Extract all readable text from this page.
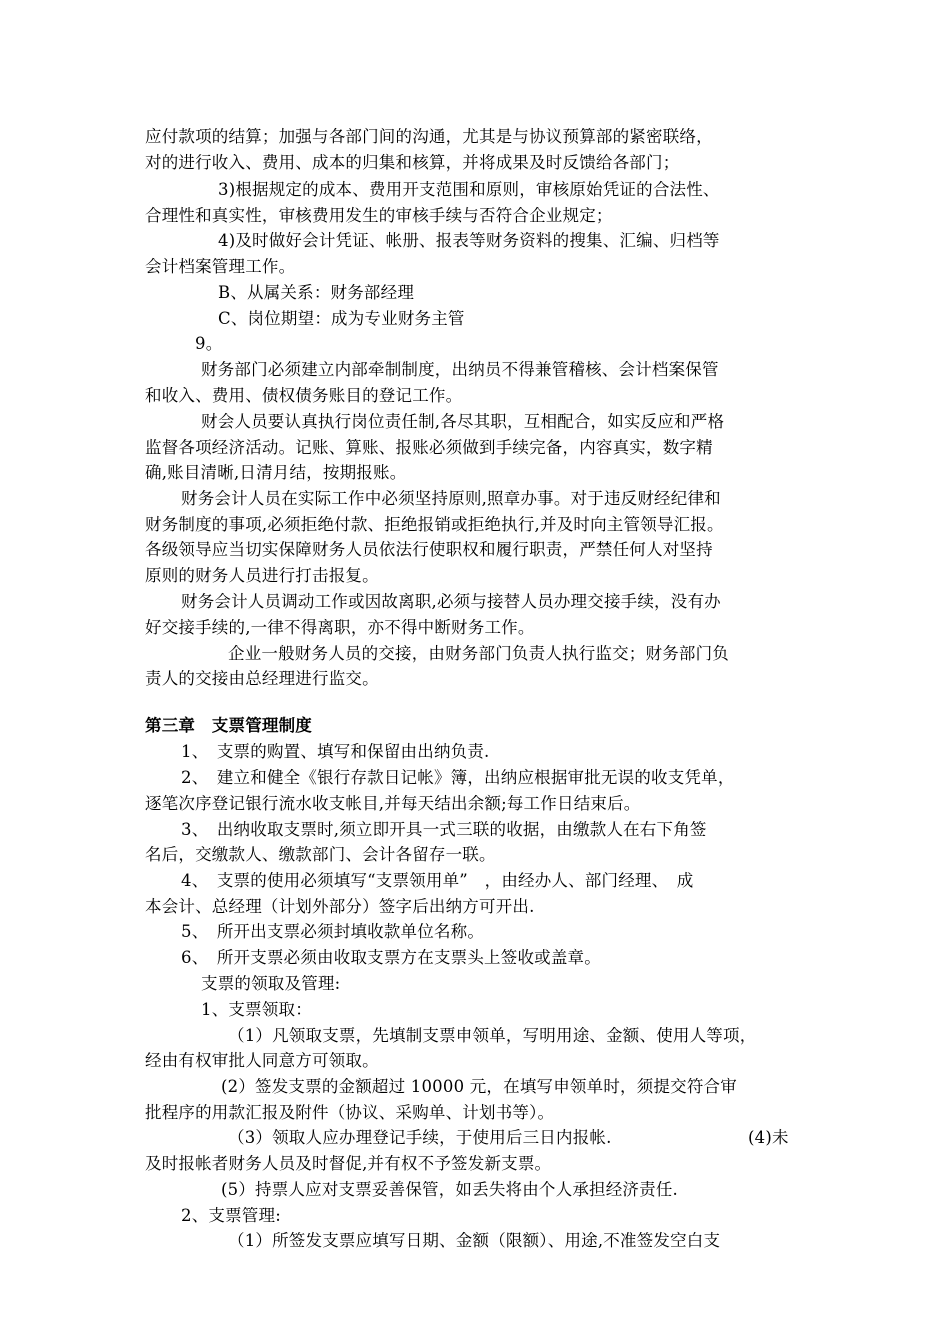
应付款项的结算；加强与各部门间的沟通，尤其是与协议预算部的紧密联络，
对的进行收入、费用、成本的归集和核算，并将成果及时反馈给各部门；
3)根据规定的成本、费用开支范围和原则，审核原始凭证的合法性、
合理性和真实性，审核费用发生的审核手续与否符合企业规定；
4)及时做好会计凭证、帐册、报表等财务资料的搜集、汇编、归档等
会计档案管理工作。
B、从属关系：财务部经理
C、岗位期望：成为专业财务主管
9。
财务部门必须建立内部牵制制度，出纳员不得兼管稽核、会计档案保管
和收入、费用、债权债务账目的登记工作。
财会人员要认真执行岗位责任制,各尽其职，互相配合，如实反应和严格
监督各项经济活动。记账、算账、报账必须做到手续完备，内容真实，数字精
确,账目清晰,日清月结，按期报账。
财务会计人员在实际工作中必须坚持原则,照章办事。对于违反财经纪律和
财务制度的事项,必须拒绝付款、拒绝报销或拒绝执行,并及时向主管领导汇报。
各级领导应当切实保障财务人员依法行使职权和履行职责，严禁任何人对坚持
原则的财务人员进行打击报复。
财务会计人员调动工作或因故离职,必须与接替人员办理交接手续，没有办
好交接手续的,一律不得离职，亦不得中断财务工作。
企业一般财务人员的交接，由财务部门负责人执行监交；财务部门负
责人的交接由总经理进行监交。
第三章　支票管理制度
1、　支票的购置、填写和保留由出纳负责.
2、　建立和健全《银行存款日记帐》簿，出纳应根据审批无误的收支凭单，
逐笔次序登记银行流水收支帐目,并每天结出余额;每工作日结束后。
3、　出纳收取支票时,须立即开具一式三联的收据，由缴款人在右下角签
名后，交缴款人、缴款部门、会计各留存一联。
4、　支票的使用必须填写“支票领用单”　，由经办人、部门经理、　成
本会计、总经理（计划外部分）签字后出纳方可开出.
5、　所开出支票必须封填收款单位名称。
6、　所开支票必须由收取支票方在支票头上签收或盖章。
支票的领取及管理:
1、支票领取：
（1）凡领取支票，先填制支票申领单，写明用途、金额、使用人等项，
经由有权审批人同意方可领取。
(2）签发支票的金额超过 10000 元，在填写申领单时，须提交符合审
批程序的用款汇报及附件（协议、采购单、计划书等）。
（3）领取人应办理登记手续，于使用后三日内报帐.	(4)未
及时报帐者财务人员及时督促,并有权不予签发新支票。
(5）持票人应对支票妥善保管，如丢失将由个人承担经济责任.
2、支票管理:
（1）所签发支票应填写日期、金额（限额）、用途,不准签发空白支
